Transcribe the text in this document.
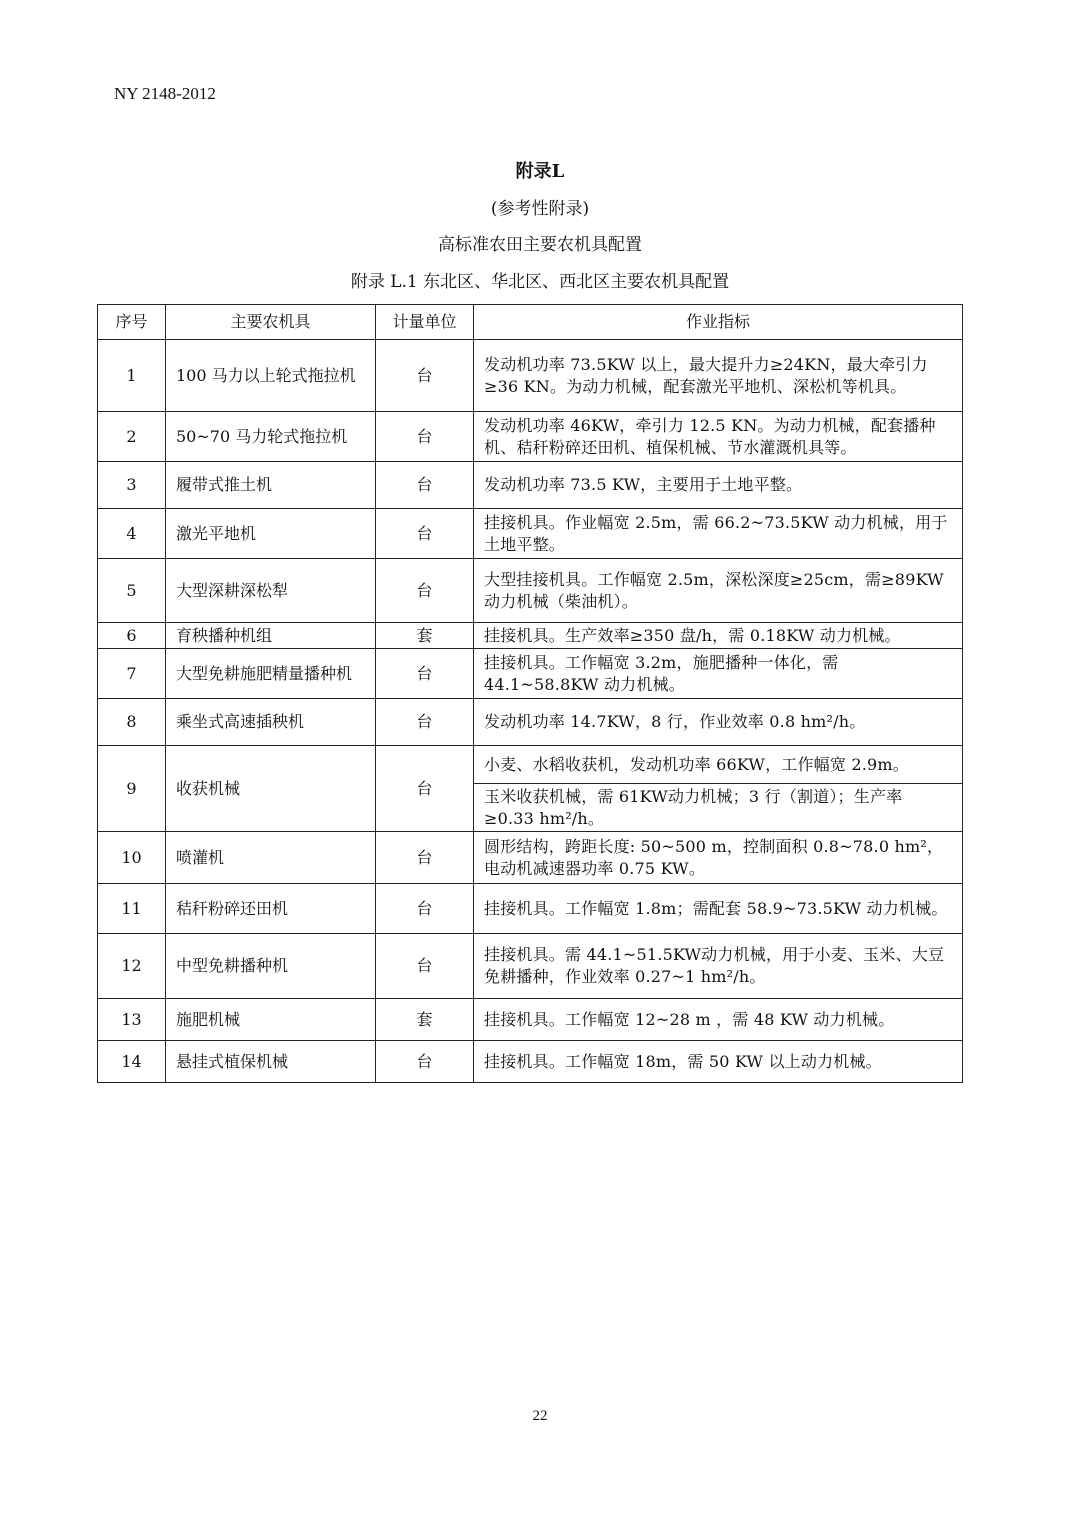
NY 2148-2012
附录L
(参考性附录)
高标准农田主要农机具配置
附录 L.1 东北区、华北区、西北区主要农机具配置
序号	主要农机具	计量单位	作业指标
1	100 马力以上轮式拖拉机	台	发动机功率 73.5KW 以上，最大提升力≥24KN，最大牵引力≥36 KN。为动力机械，配套激光平地机、深松机等机具。
2	50~70 马力轮式拖拉机	台	发动机功率 46KW，牵引力 12.5 KN。为动力机械，配套播种机、秸秆粉碎还田机、植保机械、节水灌溉机具等。
3	履带式推土机	台	发动机功率 73.5 KW，主要用于土地平整。
4	激光平地机	台	挂接机具。作业幅宽 2.5m，需 66.2~73.5KW 动力机械，用于土地平整。
5	大型深耕深松犁	台	大型挂接机具。工作幅宽 2.5m，深松深度≥25cm，需≥89KW 动力机械（柴油机）。
6	育秧播种机组	套	挂接机具。生产效率≥350 盘/h，需 0.18KW 动力机械。
7	大型免耕施肥精量播种机	台	挂接机具。工作幅宽 3.2m，施肥播种一体化，需 44.1~58.8KW 动力机械。
8	乘坐式高速插秧机	台	发动机功率 14.7KW，8 行，作业效率 0.8 hm²/h。
9	收获机械	台	小麦、水稻收获机，发动机功率 66KW，工作幅宽 2.9m。
			玉米收获机械，需 61KW动力机械；3 行（割道）；生产率≥0.33 hm²/h。
10	喷灌机	台	圆形结构，跨距长度: 50~500 m，控制面积 0.8~78.0 hm²，电动机减速器功率 0.75 KW。
11	秸秆粉碎还田机	台	挂接机具。工作幅宽 1.8m；需配套 58.9~73.5KW 动力机械。
12	中型免耕播种机	台	挂接机具。需 44.1~51.5KW动力机械，用于小麦、玉米、大豆免耕播种，作业效率 0.27~1 hm²/h。
13	施肥机械	套	挂接机具。工作幅宽 12~28 m ，需 48 KW 动力机械。
14	悬挂式植保机械	台	挂接机具。工作幅宽 18m，需 50 KW 以上动力机械。
22
